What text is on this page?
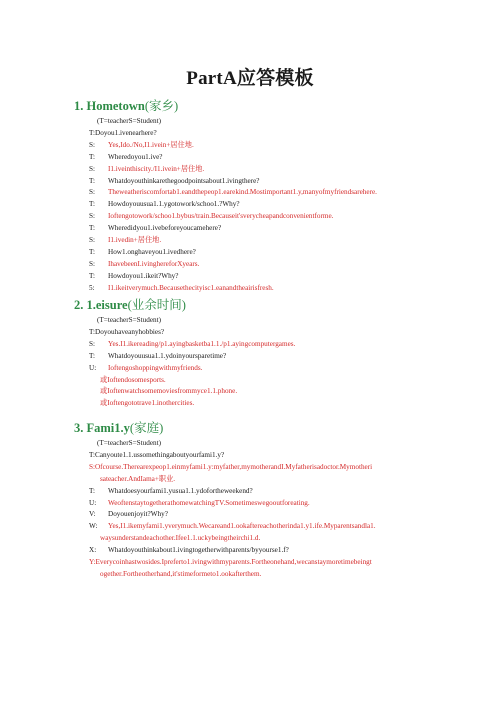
PartA应答模板
1. Hometown(家乡)
(T=teacherS=Student)
T:Doyou1.ivenearhere?
S: Yes,Ido./No,I1.ivein+居住地.
T: Wheredoyou1.ive?
S: I1.iveinthiscity./I1.ivein+居住地.
T: Whatdoyouthinkarethegoodpointsabout1.ivingthere?
S: Theweatheriscomfortab1.eandthepeop1.earekind.Mostimportant1.y,manyofmyfriendsarehere.
T: Howdoyouusua1.1.ygotowork/schoo1.?Why?
S: Ioftengotowork/schoo1.bybus/train.Becauseit'sverycheapandconvenientforme.
T: Wheredidyou1.ivebeforeyoucamehere?
S: I1.ivedin+居住地.
T: How1.onghaveyou1.ivedhere?
S: IhavebeenI.ivinghereforXyears.
T: Howdoyou1.ikeit?Why?
5: I1.ikeitverymuch.Becausethecityisc1.eanandtheairisfresh.
2. 1.eisure(业余时间)
(T=teacherS=Student)
T:Doyouhaveanyhobbies?
S: Yes.I1.ikereading/p1.ayingbasketba1.1./p1.ayingcomputergames.
T: Whatdoyouusua1.1.ydoinyoursparetime?
U: Ioftengoshoppingwithmyfriends.
或Ioftendosomesports.
或Ioftenwatchsomemoviesfrommyce1.1.phone.
或Ioftengototrave1.inothercities.
3. Fami1.y(家庭)
(T=teacherS=Student)
T:Canyoute1.1.ussomethingaboutyourfami1.y?
S:Ofcourse.Therearexpeop1.einmyfami1.y:myfather,mymotherandI.Myfatherisadoctor.Mymotheri
sateacher.AndIama+职业.
T: Whatdoesyourfami1.yusua1.1.ydofortheweekend?
U: WeoftenstaytogetherathomewatchingTV.Sometimeswegooutforeating.
V: Doyouenjoyit?Why?
W: Yes,I1.ikemyfami1.yverymuch.Wecareand1.ookaftereachotherinda1.y1.ife.Myparentsandla1.
waysunderstandeachother.Ifee1.1.uckybeingtheirchi1.d.
X: Whatdoyouthinkabout1.ivingtogetherwithparents/byyourse1.f?
Y:Everycoinhastwosides.Ipreferto1.ivingwithmyparents.Fortheonehand,wecanstaymoretimebeingt
ogether.Fortheotherhand,it'stimeformeto1.ookafterthem.
